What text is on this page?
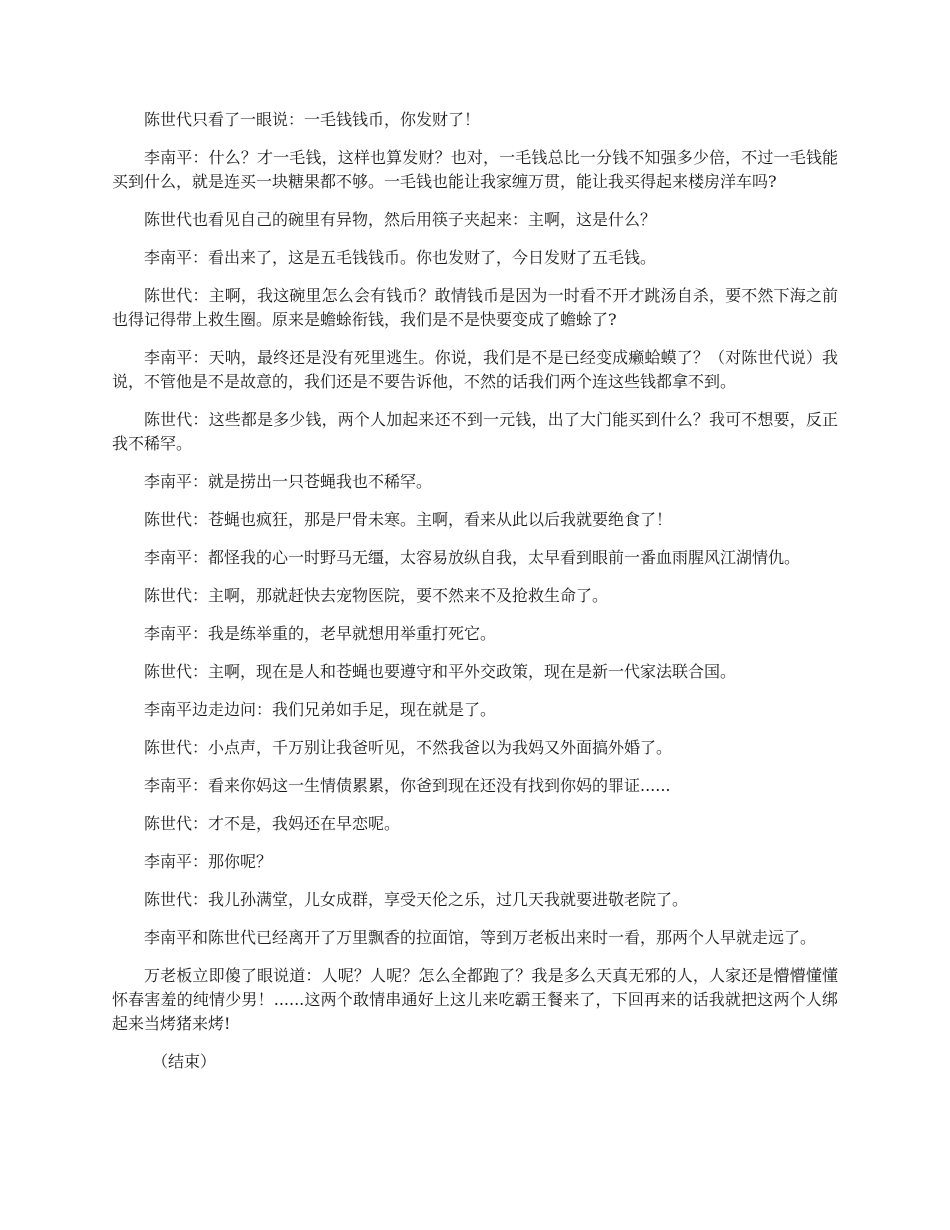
陈世代只看了一眼说：一毛钱钱币，你发财了！

李南平：什么？才一毛钱，这样也算发财？也对，一毛钱总比一分钱不知强多少倍，不过一毛钱能买到什么，就是连买一块糖果都不够。一毛钱也能让我家缠万贯，能让我买得起来楼房洋车吗?

陈世代也看见自己的碗里有异物，然后用筷子夹起来：主啊，这是什么？

李南平：看出来了，这是五毛钱钱币。你也发财了，今日发财了五毛钱。

陈世代：主啊，我这碗里怎么会有钱币？敢情钱币是因为一时看不开才跳汤自杀，要不然下海之前也得记得带上救生圈。原来是蟾蜍衔钱，我们是不是快要变成了蟾蜍了?

李南平：天呐，最终还是没有死里逃生。你说，我们是不是已经变成癞蛤蟆了？（对陈世代说）我说，不管他是不是故意的，我们还是不要告诉他，不然的话我们两个连这些钱都拿不到。

陈世代：这些都是多少钱，两个人加起来还不到一元钱，出了大门能买到什么？我可不想要，反正我不稀罕。

李南平：就是捞出一只苍蝇我也不稀罕。

陈世代：苍蝇也疯狂，那是尸骨未寒。主啊，看来从此以后我就要绝食了！

李南平：都怪我的心一时野马无缰，太容易放纵自我，太早看到眼前一番血雨腥风江湖情仇。

陈世代：主啊，那就赶快去宠物医院，要不然来不及抢救生命了。

李南平：我是练举重的，老早就想用举重打死它。

陈世代：主啊，现在是人和苍蝇也要遵守和平外交政策，现在是新一代家法联合国。

李南平边走边问：我们兄弟如手足，现在就是了。

陈世代：小点声，千万别让我爸听见，不然我爸以为我妈又外面搞外婚了。

李南平：看来你妈这一生情债累累，你爸到现在还没有找到你妈的罪证......

陈世代：才不是，我妈还在早恋呢。

李南平：那你呢？

陈世代：我儿孙满堂，儿女成群，享受天伦之乐，过几天我就要进敬老院了。

李南平和陈世代已经离开了万里飘香的拉面馆，等到万老板出来时一看，那两个人早就走远了。

万老板立即傻了眼说道：人呢？人呢？怎么全都跑了？我是多么天真无邪的人，人家还是懵懵懂懂怀春害羞的纯情少男！......这两个敢情串通好上这儿来吃霸王餐来了，下回再来的话我就把这两个人绑起来当烤猪来烤!

（结束）
